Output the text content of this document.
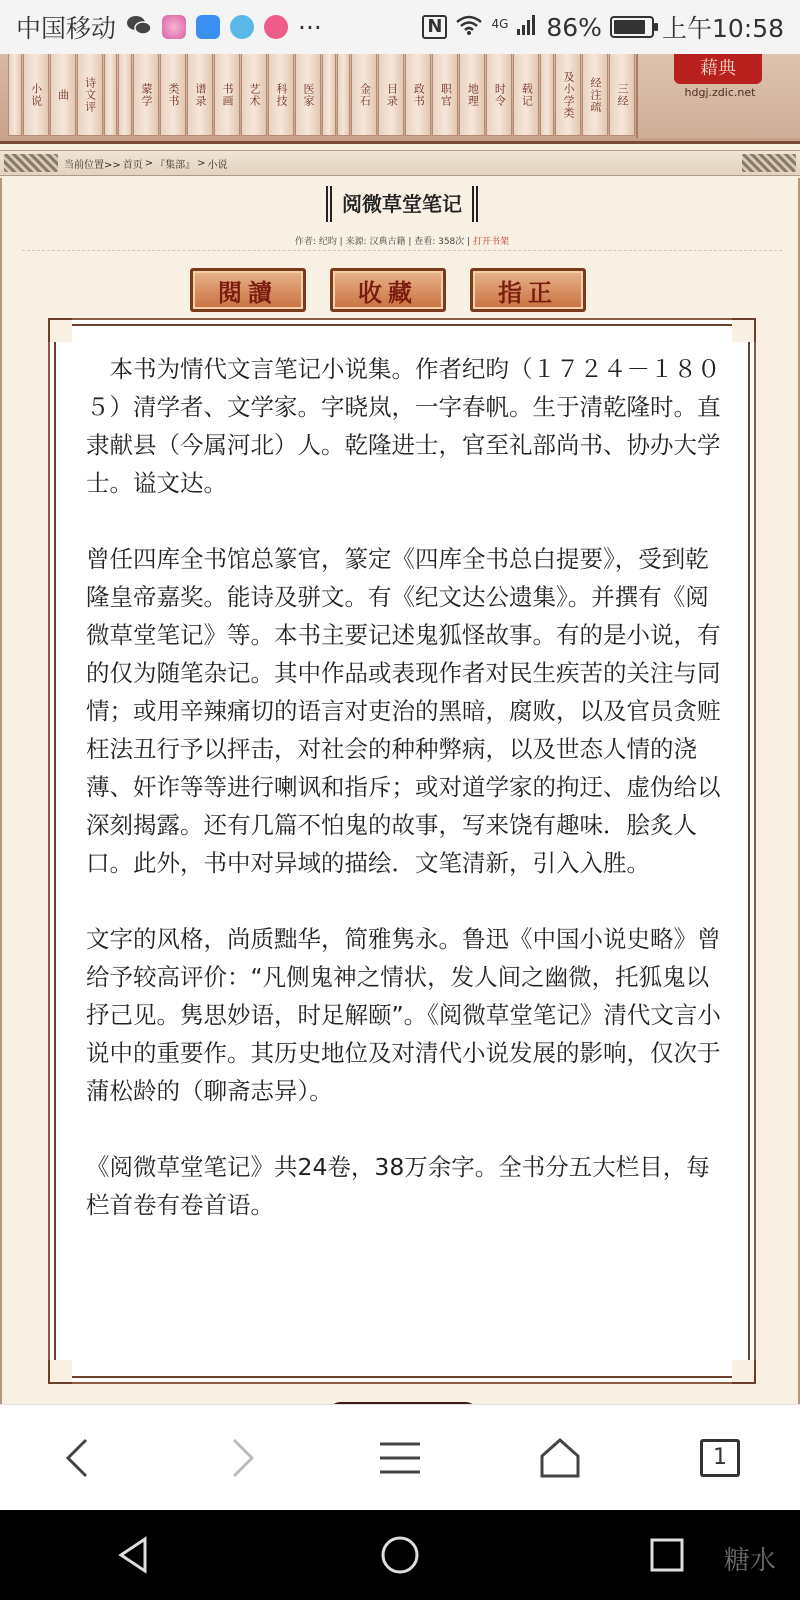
中国移动	···	N	4G 86% 上午10:58
小说	曲	诗文评	蒙学	类书	谱录	书画	艺术	科技	医家	金石	目录	政书	职官	地理	时令	载记	及小学类	经注疏	三经
藉典
hdgj.zdic.net
当前位置>> 首页 > 『集部』 > 小说
阅微草堂笔记
作者: 纪昀 | 来源: 汉典古籍 | 查看: 358次 | 打开书架
閱讀	收藏	指正

　本书为情代文言笔记小说集。作者纪昀（１７２４－１８０５）清学者、文学家。字晓岚，一字春帆。生于清乾隆时。直隶献县（今属河北）人。乾隆进士，官至礼部尚书、协办大学士。谥文达。

曾任四库全书馆总篆官，篆定《四库全书总白提要》，受到乾隆皇帝嘉奖。能诗及骈文。有《纪文达公遗集》。并撰有《阅微草堂笔记》等。本书主要记述鬼狐怪故事。有的是小说，有的仅为随笔杂记。其中作品或表现作者对民生疾苦的关注与同情；或用辛辣痛切的语言对吏治的黑暗，腐败，以及官员贪赃枉法丑行予以抨击，对社会的种种弊病，以及世态人情的浇薄、奸诈等等进行喇讽和指斥；或对道学家的拘迂、虚伪给以深刻揭露。还有几篇不怕鬼的故事，写来饶有趣味．脍炙人口。此外，书中对异域的描绘．文笔清新，引入入胜。

文字的风格，尚质黜华，简雅隽永。鲁迅《中国小说史略》曾给予较高评价：“凡侧鬼神之情状，发人间之幽微，托狐鬼以抒己见。隽思妙语，时足解颐”。《阅微草堂笔记》清代文言小说中的重要作。其历史地位及对清代小说发展的影响，仅次于蒲松龄的（聊斋志异）。

《阅微草堂笔记》共24卷，38万余字。全书分五大栏目，每栏首卷有卷首语。

1
糖水
